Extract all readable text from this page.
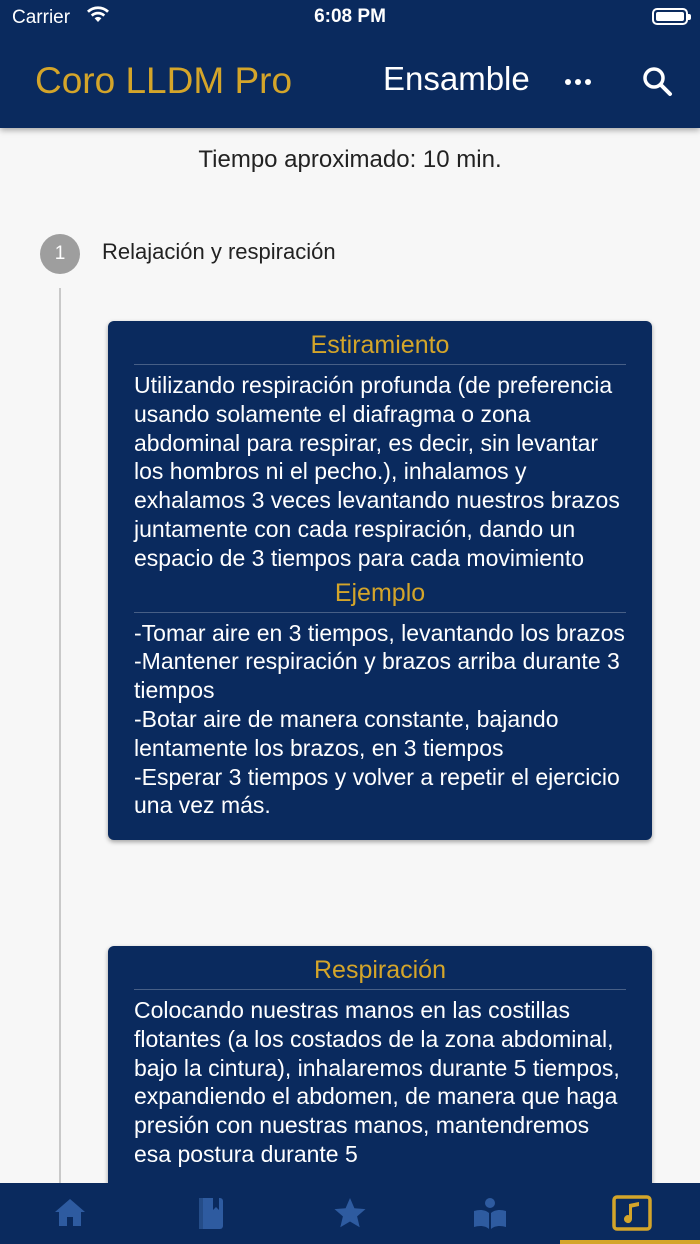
Carrier	6:08 PM
Coro LLDM Pro	Ensamble
Tiempo aproximado: 10 min.
1	Relajación y respiración
Estiramiento

Utilizando respiración profunda (de preferencia usando solamente el diafragma o zona abdominal para respirar, es decir, sin levantar los hombros ni el pecho.), inhalamos y exhalamos 3 veces levantando nuestros brazos juntamente con cada respiración, dando un espacio de 3 tiempos para cada movimiento

Ejemplo

-Tomar aire en 3 tiempos, levantando los brazos
-Mantener respiración y brazos arriba durante 3 tiempos
-Botar aire de manera constante, bajando lentamente los brazos, en 3 tiempos
-Esperar 3 tiempos y volver a repetir el ejercicio una vez más.

Respiración

Colocando nuestras manos en las costillas flotantes (a los costados de la zona abdominal, bajo la cintura), inhalaremos durante 5 tiempos, expandiendo el abdomen, de manera que haga presión con nuestras manos, mantendremos esa postura durante 5
